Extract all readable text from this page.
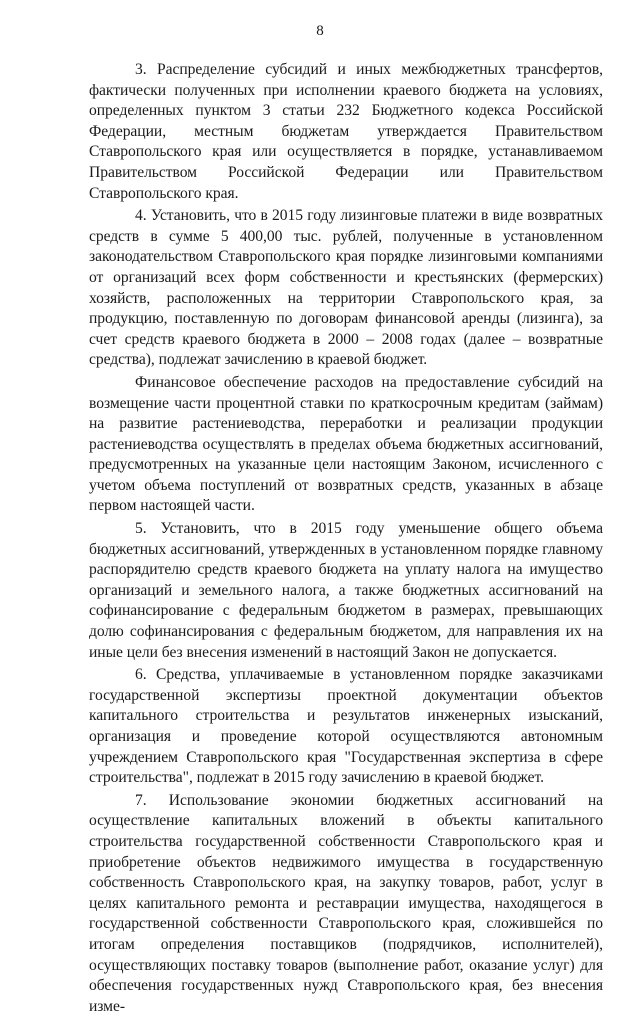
8

3. Распределение субсидий и иных межбюджетных трансфертов, фактически полученных при исполнении краевого бюджета на условиях, определенных пунктом 3 статьи 232 Бюджетного кодекса Российской Федерации, местным бюджетам утверждается Правительством Ставропольского края или осуществляется в порядке, устанавливаемом Правительством Российской Федерации или Правительством Ставропольского края.

4. Установить, что в 2015 году лизинговые платежи в виде возвратных средств в сумме 5 400,00 тыс. рублей, полученные в установленном законодательством Ставропольского края порядке лизинговыми компаниями от организаций всех форм собственности и крестьянских (фермерских) хозяйств, расположенных на территории Ставропольского края, за продукцию, поставленную по договорам финансовой аренды (лизинга), за счет средств краевого бюджета в 2000 – 2008 годах (далее – возвратные средства), подлежат зачислению в краевой бюджет.

Финансовое обеспечение расходов на предоставление субсидий на возмещение части процентной ставки по краткосрочным кредитам (займам) на развитие растениеводства, переработки и реализации продукции растениеводства осуществлять в пределах объема бюджетных ассигнований, предусмотренных на указанные цели настоящим Законом, исчисленного с учетом объема поступлений от возвратных средств, указанных в абзаце первом настоящей части.

5. Установить, что в 2015 году уменьшение общего объема бюджетных ассигнований, утвержденных в установленном порядке главному распорядителю средств краевого бюджета на уплату налога на имущество организаций и земельного налога, а также бюджетных ассигнований на софинансирование с федеральным бюджетом в размерах, превышающих долю софинансирования с федеральным бюджетом, для направления их на иные цели без внесения изменений в настоящий Закон не допускается.

6. Средства, уплачиваемые в установленном порядке заказчиками государственной экспертизы проектной документации объектов капитального строительства и результатов инженерных изысканий, организация и проведение которой осуществляются автономным учреждением Ставропольского края "Государственная экспертиза в сфере строительства", подлежат в 2015 году зачислению в краевой бюджет.

7. Использование экономии бюджетных ассигнований на осуществление капитальных вложений в объекты капитального строительства государственной собственности Ставропольского края и приобретение объектов недвижимого имущества в государственную собственность Ставропольского края, на закупку товаров, работ, услуг в целях капитального ремонта и реставрации имущества, находящегося в государственной собственности Ставропольского края, сложившейся по итогам определения поставщиков (подрядчиков, исполнителей), осуществляющих поставку товаров (выполнение работ, оказание услуг) для обеспечения государственных нужд Ставропольского края, без внесения изме-
